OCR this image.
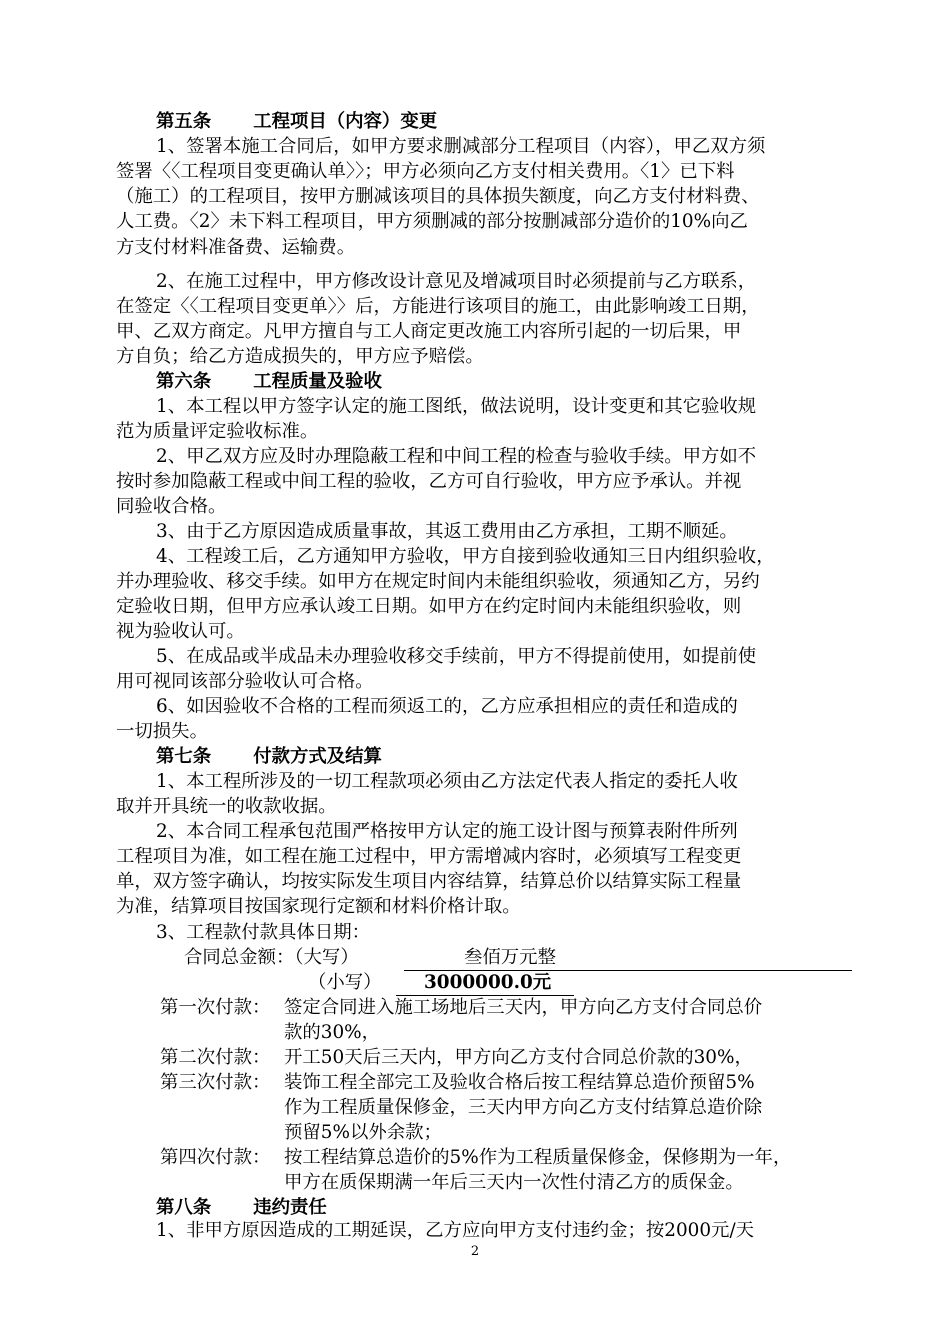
第五条 工程项目（内容）变更
1、签署本施工合同后，如甲方要求删减部分工程项目（内容），甲乙双方须
签署〈〈工程项目变更确认单〉〉；甲方必须向乙方支付相关费用。〈1〉已下料
（施工）的工程项目，按甲方删减该项目的具体损失额度，向乙方支付材料费、
人工费。〈2〉未下料工程项目，甲方须删减的部分按删减部分造价的10%向乙
方支付材料准备费、运输费。
2、在施工过程中，甲方修改设计意见及增减项目时必须提前与乙方联系，
在签定〈〈工程项目变更单〉〉后，方能进行该项目的施工，由此影响竣工日期，
甲、乙双方商定。凡甲方擅自与工人商定更改施工内容所引起的一切后果，甲
方自负；给乙方造成损失的，甲方应予赔偿。
第六条 工程质量及验收
1、本工程以甲方签字认定的施工图纸，做法说明，设计变更和其它验收规
范为质量评定验收标准。
2、甲乙双方应及时办理隐蔽工程和中间工程的检查与验收手续。甲方如不
按时参加隐蔽工程或中间工程的验收，乙方可自行验收，甲方应予承认。并视
同验收合格。
3、由于乙方原因造成质量事故，其返工费用由乙方承担，工期不顺延。
4、工程竣工后，乙方通知甲方验收，甲方自接到验收通知三日内组织验收，
并办理验收、移交手续。如甲方在规定时间内未能组织验收，须通知乙方，另约
定验收日期，但甲方应承认竣工日期。如甲方在约定时间内未能组织验收，则
视为验收认可。
5、在成品或半成品未办理验收移交手续前，甲方不得提前使用，如提前使
用可视同该部分验收认可合格。
6、如因验收不合格的工程而须返工的，乙方应承担相应的责任和造成的
一切损失。
第七条 付款方式及结算
1、本工程所涉及的一切工程款项必须由乙方法定代表人指定的委托人收
取并开具统一的收款收据。
2、本合同工程承包范围严格按甲方认定的施工设计图与预算表附件所列
工程项目为准，如工程在施工过程中，甲方需增减内容时，必须填写工程变更
单，双方签字确认，均按实际发生项目内容结算，结算总价以结算实际工程量
为准，结算项目按国家现行定额和材料价格计取。
3、工程款付款具体日期：
合同总金额：（大写）	叁佰万元整
（小写）	3000000.0元
第一次付款： 签定合同进入施工场地后三天内，甲方向乙方支付合同总价
款的30%，
第二次付款： 开工50天后三天内，甲方向乙方支付合同总价款的30%，
第三次付款： 装饰工程全部完工及验收合格后按工程结算总造价预留5%
作为工程质量保修金，三天内甲方向乙方支付结算总造价除
预留5%以外余款；
第四次付款： 按工程结算总造价的5%作为工程质量保修金，保修期为一年，
甲方在质保期满一年后三天内一次性付清乙方的质保金。
第八条 违约责任
1、非甲方原因造成的工期延误，乙方应向甲方支付违约金；按2000元/天
2
